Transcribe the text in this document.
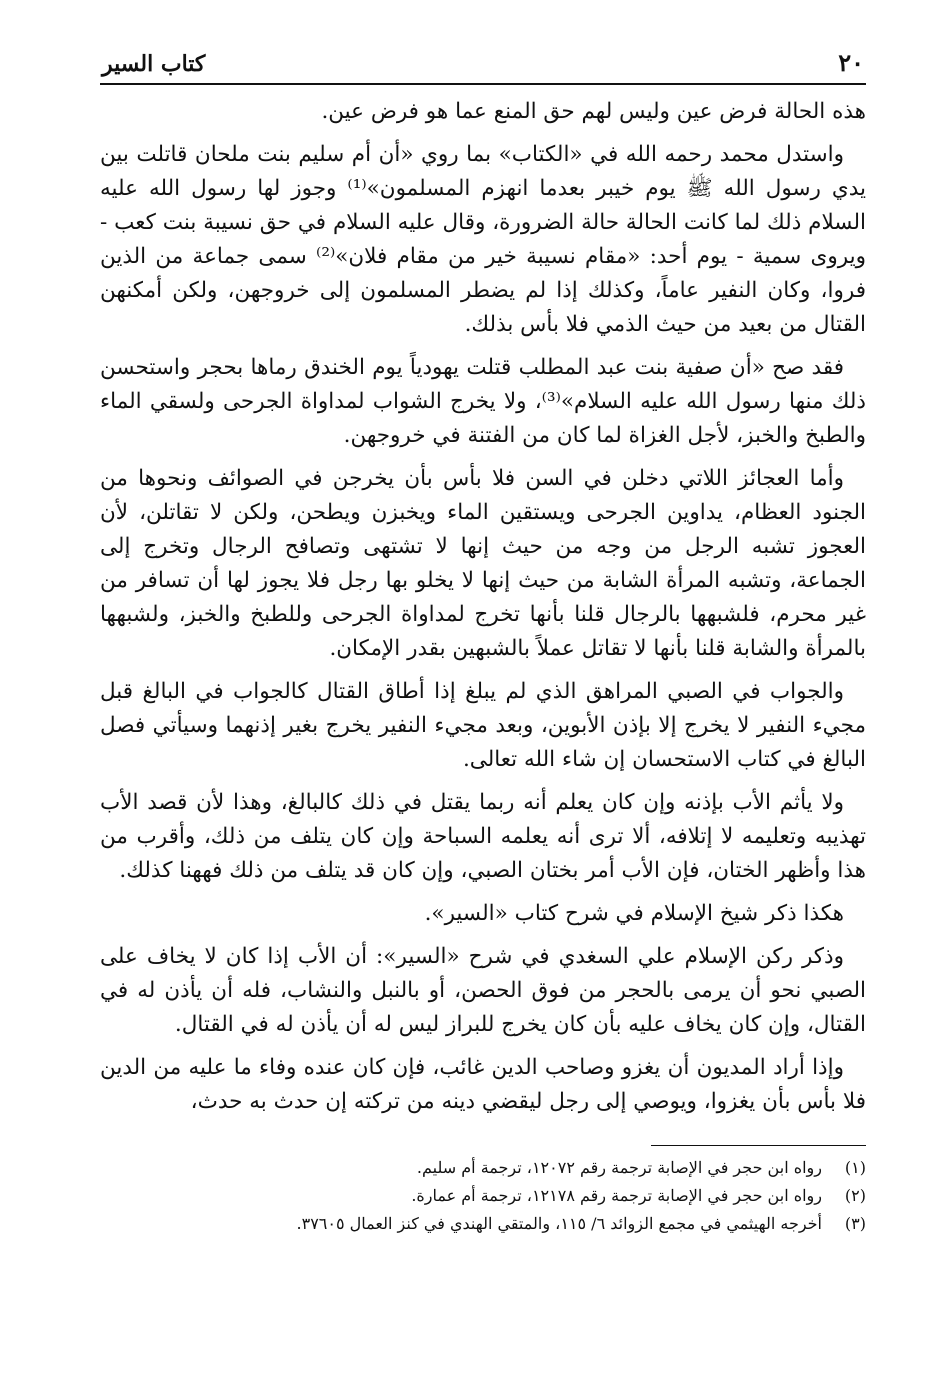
٢٠
كتاب السير

هذه الحالة فرض عين وليس لهم حق المنع عما هو فرض عين.

واستدل محمد رحمه الله في «الكتاب» بما روي «أن أم سليم بنت ملحان قاتلت بين يدي رسول الله ﷺ يوم خيبر بعدما انهزم المسلمون»⁽¹⁾ وجوز لها رسول الله عليه السلام ذلك لما كانت الحالة حالة الضرورة، وقال عليه السلام في حق نسيبة بنت كعب - ويروى سمية - يوم أحد: «مقام نسيبة خير من مقام فلان»⁽²⁾ سمى جماعة من الذين فروا، وكان النفير عاماً، وكذلك إذا لم يضطر المسلمون إلى خروجهن، ولكن أمكنهن القتال من بعيد من حيث الذمي فلا بأس بذلك.

فقد صح «أن صفية بنت عبد المطلب قتلت يهودياً يوم الخندق رماها بحجر واستحسن ذلك منها رسول الله عليه السلام»⁽³⁾، ولا يخرج الشواب لمداواة الجرحى ولسقي الماء والطبخ والخبز، لأجل الغزاة لما كان من الفتنة في خروجهن.

وأما العجائز اللاتي دخلن في السن فلا بأس بأن يخرجن في الصوائف ونحوها من الجنود العظام، يداوين الجرحى ويستقين الماء ويخبزن ويطحن، ولكن لا تقاتلن، لأن العجوز تشبه الرجل من وجه من حيث إنها لا تشتهى وتصافح الرجال وتخرج إلى الجماعة، وتشبه المرأة الشابة من حيث إنها لا يخلو بها رجل فلا يجوز لها أن تسافر من غير محرم، فلشبهها بالرجال قلنا بأنها تخرج لمداواة الجرحى وللطبخ والخبز، ولشبهها بالمرأة والشابة قلنا بأنها لا تقاتل عملاً بالشبهين بقدر الإمكان.

والجواب في الصبي المراهق الذي لم يبلغ إذا أطاق القتال كالجواب في البالغ قبل مجيء النفير لا يخرج إلا بإذن الأبوين، وبعد مجيء النفير يخرج بغير إذنهما وسيأتي فصل البالغ في كتاب الاستحسان إن شاء الله تعالى.

ولا يأثم الأب بإذنه وإن كان يعلم أنه ربما يقتل في ذلك كالبالغ، وهذا لأن قصد الأب تهذيبه وتعليمه لا إتلافه، ألا ترى أنه يعلمه السباحة وإن كان يتلف من ذلك، وأقرب من هذا وأظهر الختان، فإن الأب أمر بختان الصبي، وإن كان قد يتلف من ذلك فههنا كذلك.

هكذا ذكر شيخ الإسلام في شرح كتاب «السير».

وذكر ركن الإسلام علي السغدي في شرح «السير»: أن الأب إذا كان لا يخاف على الصبي نحو أن يرمى بالحجر من فوق الحصن، أو بالنبل والنشاب، فله أن يأذن له في القتال، وإن كان يخاف عليه بأن كان يخرج للبراز ليس له أن يأذن له في القتال.

وإذا أراد المديون أن يغزو وصاحب الدين غائب، فإن كان عنده وفاء ما عليه من الدين فلا بأس بأن يغزوا، ويوصي إلى رجل ليقضي دينه من تركته إن حدث به حدث،

(١)
رواه ابن حجر في الإصابة ترجمة رقم ١٢٠٧٢، ترجمة أم سليم.
(٢)
رواه ابن حجر في الإصابة ترجمة رقم ١٢١٧٨، ترجمة أم عمارة.
(٣)
أخرجه الهيثمي في مجمع الزوائد ٦/ ١١٥، والمتقي الهندي في كنز العمال ٣٧٦٠٥.
